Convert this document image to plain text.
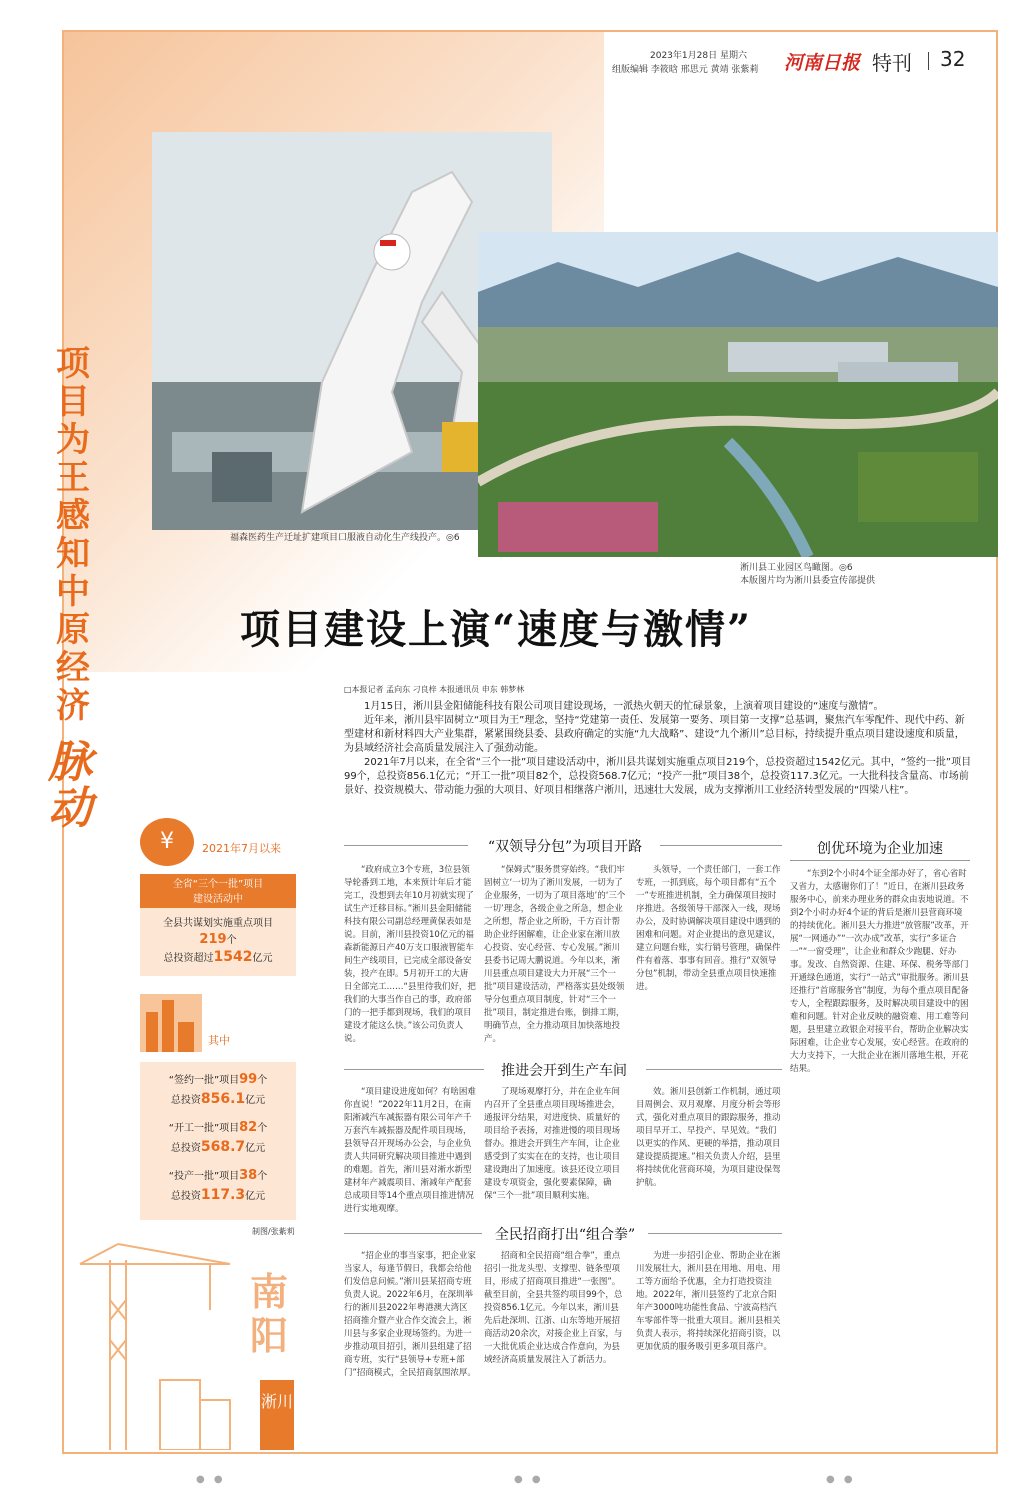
2023年1月28日 星期六
组版编辑 李筱晗 邢思元 黄靖 张紫莉 河南日报 特刊 32
福森医药生产迁址扩建项目口服液自动化生产线投产。◎6
淅川县工业园区鸟瞰图。◎6
本版图片均为淅川县委宣传部提供
项目为王 感知中原经济
脉动
项目建设上演“速度与激情”
□本报记者 孟向东 刁良梓 本报通讯员 申东 韩梦林

1月15日，淅川县金阳储能科技有限公司项目建设现场，一派热火朝天的忙碌景象，上演着项目建设的“速度与激情”。

近年来，淅川县牢固树立“项目为王”理念，坚持“党建第一责任、发展第一要务、项目第一支撑”总基调，聚焦汽车零配件、现代中药、新型建材和新材料四大产业集群，紧紧围绕县委、县政府确定的实施“九大战略”、建设“九个淅川”总目标，持续提升重点项目建设速度和质量，为县域经济社会高质量发展注入了强劲动能。

2021年7月以来，在全省“三个一批”项目建设活动中，淅川县共谋划实施重点项目219个，总投资超过1542亿元。其中，“签约一批”项目99个，总投资856.1亿元；“开工一批”项目82个，总投资568.7亿元；“投产一批”项目38个，总投资117.3亿元。一大批科技含量高、市场前景好、投资规模大、带动能力强的大项目、好项目相继落户淅川，迅速壮大发展，成为支撑淅川工业经济转型发展的“四梁八柱”。

“双领导分包”为项目开路

“政府成立3个专班，3位县领导轮番到工地，本来预计年后才能完工，没想到去年10月初就实现了试生产迁移目标。”淅川县金阳储能科技有限公司副总经理黄保表如是说。目前，淅川县投资10亿元的福森新能源日产40万支口服液智能车间生产线项目，已完成全部设备安装，投产在即。5月初开工的大唐日全部完工……“县里待我们好，把我们的大事当作自己的事，政府部门的一把手都到现场，我们的项目建设才能这么快。”该公司负责人说。

“保姆式”服务贯穿始终。“我们牢固树立‘一切为了淅川发展，一切为了企业服务，一切为了项目落地’的‘三个一切’理念，各级企业之所急，想企业之所想，帮企业之所盼，千方百计帮助企业纾困解难，让企业家在淅川放心投资、安心经营、专心发展。”淅川县委书记周大鹏说道。今年以来，淅川县重点项目建设大力开展“三个一批”项目建设活动，严格落实县处级领导分包重点项目制度，针对“三个一批”项目，制定推进台账，倒排工期，明确节点，全力推动项目加快落地投产。

头领导，一个责任部门，一套工作专班，一抓到底，每个项目都有“五个一”专班推进机制，全力确保项目按时序推进。各级领导干部深入一线，现场办公，及时协调解决项目建设中遇到的困难和问题。对企业提出的意见建议，建立问题台账，实行销号管理，确保件件有着落、事事有回音。推行“双领导分包”机制，带动全县重点项目快速推进。

推进会开到生产车间

“项目建设进度如何？有啥困难你直说！”2022年11月2日，在南阳淅减汽车减振器有限公司年产千万套汽车减振器及配件项目现场，县领导召开现场办公会，与企业负责人共同研究解决项目推进中遇到的难题。首先，淅川县对淅水新型建材年产减震项目、淅减年产配套总成项目等14个重点项目推进情况进行实地观摩。

了现场观摩打分，并在企业车间内召开了全县重点项目现场推进会，通报评分结果，对进度快、质量好的项目给予表扬，对推进慢的项目现场督办。推进会开到生产车间，让企业感受到了实实在在的支持，也让项目建设跑出了加速度。该县还设立项目建设专项资金，强化要素保障，确保“三个一批”项目顺利实施。

效。淅川县创新工作机制，通过项目周例会、双月观摩、月度分析会等形式，强化对重点项目的跟踪服务，推动项目早开工、早投产、早见效。“我们以更实的作风、更硬的举措，推动项目建设提质提速。”相关负责人介绍，县里将持续优化营商环境，为项目建设保驾护航。

全民招商打出“组合拳”

“招企业的事当家事，把企业家当家人，每逢节假日，我都会给他们发信息问候。”淅川县某招商专班负责人说。2022年6月，在深圳举行的淅川县2022年粤港澳大湾区招商推介暨产业合作交流会上，淅川县与多家企业现场签约。为进一步推动项目招引，淅川县组建了招商专班，实行“县领导+专班+部门”招商模式，全民招商氛围浓厚。

招商和全民招商“组合拳”，重点招引一批龙头型、支撑型、链条型项目，形成了招商项目推进“一张图”。截至目前，全县共签约项目99个，总投资856.1亿元。今年以来，淅川县先后赴深圳、江浙、山东等地开展招商活动20余次，对接企业上百家，与一大批优质企业达成合作意向，为县域经济高质量发展注入了新活力。

为进一步招引企业、帮助企业在淅川发展壮大，淅川县在用地、用电、用工等方面给予优惠，全力打造投资洼地。2022年，淅川县签约了北京合阳年产3000吨功能性食品、宁波高档汽车零部件等一批重大项目。淅川县相关负责人表示，将持续深化招商引资，以更加优质的服务吸引更多项目落户。

创优环境为企业加速

“东到2个小时4个证全部办好了，省心省时又省力，太感谢你们了！”近日，在淅川县政务服务中心，前来办理业务的群众由衷地说道。不到2个小时办好4个证的背后是淅川县营商环境的持续优化。淅川县大力推进“放管服”改革，开展“一网通办”“一次办成”改革，实行“多证合一”“一窗受理”，让企业和群众少跑腿、好办事。发改、自然资源、住建、环保、税务等部门开通绿色通道，实行“一站式”审批服务。淅川县还推行“首席服务官”制度，为每个重点项目配备专人，全程跟踪服务，及时解决项目建设中的困难和问题。针对企业反映的融资难、用工难等问题，县里建立政银企对接平台，帮助企业解决实际困难，让企业专心发展，安心经营。在政府的大力支持下，一大批企业在淅川落地生根，开花结果。

¥	2021年7月以来
全省“三个一批”项目
建设活动中
全县共谋划实施重点项目
219个
总投资超过1542亿元
其中
“签约一批”项目99个
总投资856.1亿元
“开工一批”项目82个
总投资568.7亿元
“投产一批”项目38个
总投资117.3亿元
制图/张紫莉
南阳
淅川
● ●	● ●	● ●
